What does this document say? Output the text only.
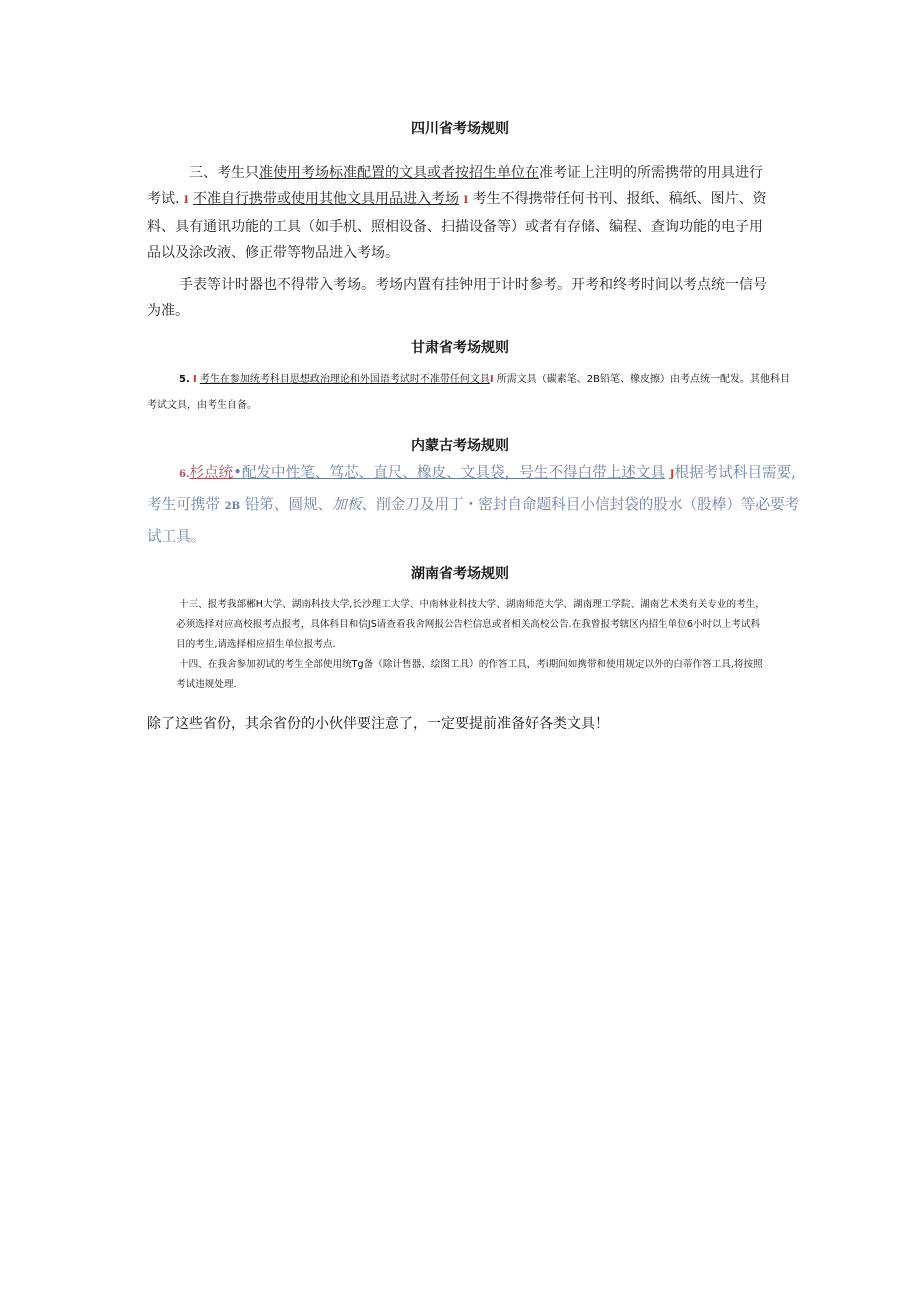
四川省考场规则
三、考生只准使用考场标准配置的文具或者按招生单位在准考证上注明的所需携带的用具进行
考试. I 不准自行携带或使用其他文具用品进入考场 I 考生不得携带任何书刊、报纸、稿纸、图片、资
料、具有通讯功能的工具（如手机、照相设备、扫描设备等）或者有存储、编程、查询功能的电子用
品以及涂改液、修正带等物品进入考场。
手表等计时器也不得带入考场。考场内置有挂钟用于计时参考。开考和终考时间以考点统一信号
为准。
甘肃省考场规则
5. I 考生在参加统考科目思想政治理论和外国语考试时不准带任何文具I 所需文具（碳素笔、2B铅笔、橡皮擦）由考点统一配发。其他科目
考试文具，由考生自备。
内蒙古考场规则
6.杉点统•配发中性笔、笃芯、直尺、橡皮、文具袋，号生不得白带上述文具 J根据考试科目需要,
考生可携带 2B 铅笫、圆规、加板、削金刀及用丁・密封自命题科目小信封袋的股水（股棒）等必要考
试工具。
湖南省考场规则
十三、报考我部郴H大学、湖南科技大学,长沙理工大学、中南林业科技大学、湖南师范大学、湖南理工学院、湖南艺术类有关专业的考生，
必须选择对应高校报考点报考，具体科目和信JS请查看我舍网报公告栏信息或者相关高校公告.在我曾报考辖区内招生单位6小时以上考试科
目的考生,请选择相应招生单位报考点.
十四、在我舍参加初试的考生全部使用统Tg备（除计售器、绘图工具）的作答工具，考i期间如携带和使用规定以外的白蒂作答工具,将按照
考试违规处理.
除了这些省份，其余省份的小伙伴要注意了，一定要提前准备好各类文具！
